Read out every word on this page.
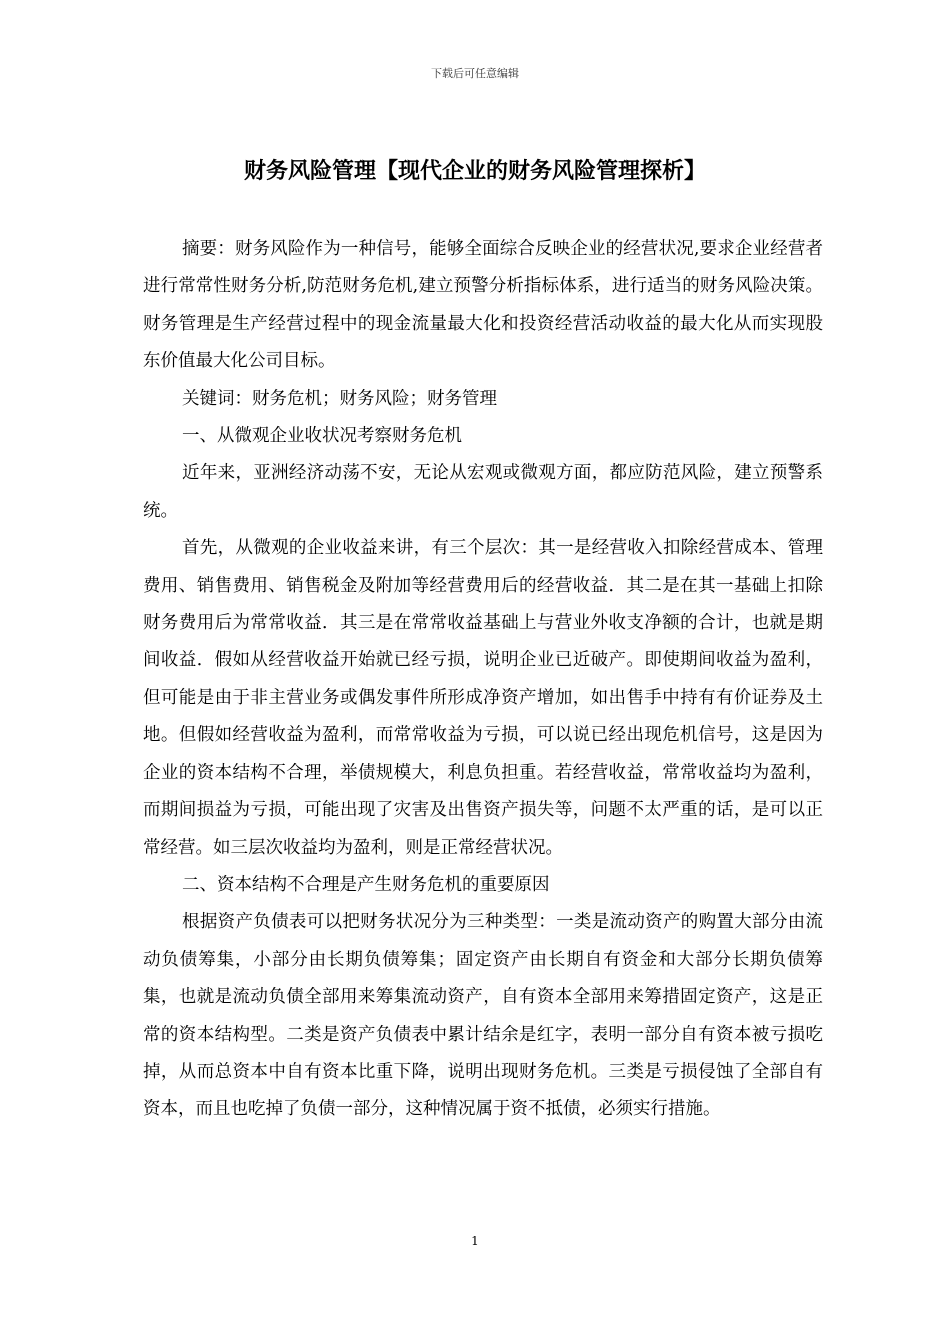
下载后可任意编辑
财务风险管理【现代企业的财务风险管理探析】

摘要：财务风险作为一种信号，能够全面综合反映企业的经营状况,要求企业经营者进行常常性财务分析,防范财务危机,建立预警分析指标体系，进行适当的财务风险决策。财务管理是生产经营过程中的现金流量最大化和投资经营活动收益的最大化从而实现股东价值最大化公司目标。

关键词：财务危机；财务风险；财务管理

一、从微观企业收状况考察财务危机

近年来，亚洲经济动荡不安，无论从宏观或微观方面，都应防范风险，建立预警系统。

首先，从微观的企业收益来讲，有三个层次：其一是经营收入扣除经营成本、管理费用、销售费用、销售税金及附加等经营费用后的经营收益．其二是在其一基础上扣除财务费用后为常常收益．其三是在常常收益基础上与营业外收支净额的合计，也就是期间收益．假如从经营收益开始就已经亏损，说明企业已近破产。即使期间收益为盈利，但可能是由于非主营业务或偶发事件所形成净资产增加，如出售手中持有有价证券及土地。但假如经营收益为盈利，而常常收益为亏损，可以说已经出现危机信号，这是因为企业的资本结构不合理，举债规模大，利息负担重。若经营收益，常常收益均为盈利，而期间损益为亏损，可能出现了灾害及出售资产损失等，问题不太严重的话，是可以正常经营。如三层次收益均为盈利，则是正常经营状况。

二、资本结构不合理是产生财务危机的重要原因

根据资产负债表可以把财务状况分为三种类型：一类是流动资产的购置大部分由流动负债筹集，小部分由长期负债筹集；固定资产由长期自有资金和大部分长期负债筹集，也就是流动负债全部用来筹集流动资产，自有资本全部用来筹措固定资产，这是正常的资本结构型。二类是资产负债表中累计结余是红字，表明一部分自有资本被亏损吃掉，从而总资本中自有资本比重下降，说明出现财务危机。三类是亏损侵蚀了全部自有资本，而且也吃掉了负债一部分，这种情况属于资不抵债，必须实行措施。

1
